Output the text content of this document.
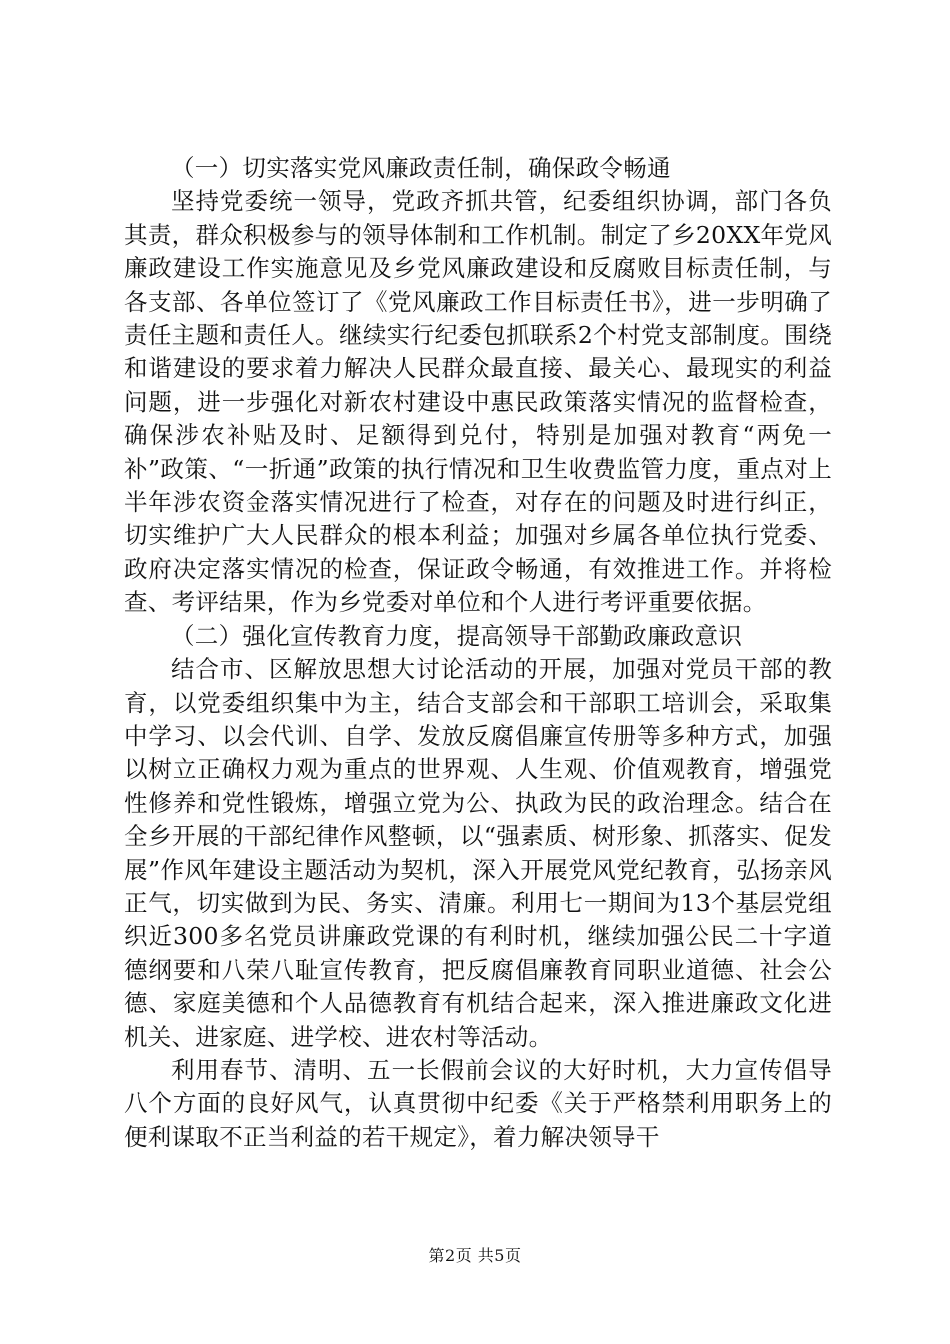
（一）切实落实党风廉政责任制，确保政令畅通

坚持党委统一领导，党政齐抓共管，纪委组织协调，部门各负其责，群众积极参与的领导体制和工作机制。制定了乡20XX年党风廉政建设工作实施意见及乡党风廉政建设和反腐败目标责任制，与各支部、各单位签订了《党风廉政工作目标责任书》，进一步明确了责任主题和责任人。继续实行纪委包抓联系2个村党支部制度。围绕和谐建设的要求着力解决人民群众最直接、最关心、最现实的利益问题，进一步强化对新农村建设中惠民政策落实情况的监督检查，确保涉农补贴及时、足额得到兑付，特别是加强对教育“两免一补”政策、“一折通”政策的执行情况和卫生收费监管力度，重点对上半年涉农资金落实情况进行了检查，对存在的问题及时进行纠正，切实维护广大人民群众的根本利益；加强对乡属各单位执行党委、政府决定落实情况的检查，保证政令畅通，有效推进工作。并将检查、考评结果，作为乡党委对单位和个人进行考评重要依据。

（二）强化宣传教育力度，提高领导干部勤政廉政意识

结合市、区解放思想大讨论活动的开展，加强对党员干部的教育，以党委组织集中为主，结合支部会和干部职工培训会，采取集中学习、以会代训、自学、发放反腐倡廉宣传册等多种方式，加强以树立正确权力观为重点的世界观、人生观、价值观教育，增强党性修养和党性锻炼，增强立党为公、执政为民的政治理念。结合在全乡开展的干部纪律作风整顿，以“强素质、树形象、抓落实、促发展”作风年建设主题活动为契机，深入开展党风党纪教育，弘扬亲风正气，切实做到为民、务实、清廉。利用七一期间为13个基层党组织近300多名党员讲廉政党课的有利时机，继续加强公民二十字道德纲要和八荣八耻宣传教育，把反腐倡廉教育同职业道德、社会公德、家庭美德和个人品德教育有机结合起来，深入推进廉政文化进机关、进家庭、进学校、进农村等活动。

利用春节、清明、五一长假前会议的大好时机，大力宣传倡导八个方面的良好风气，认真贯彻中纪委《关于严格禁利用职务上的便利谋取不正当利益的若干规定》，着力解决领导干

第2页 共5页
